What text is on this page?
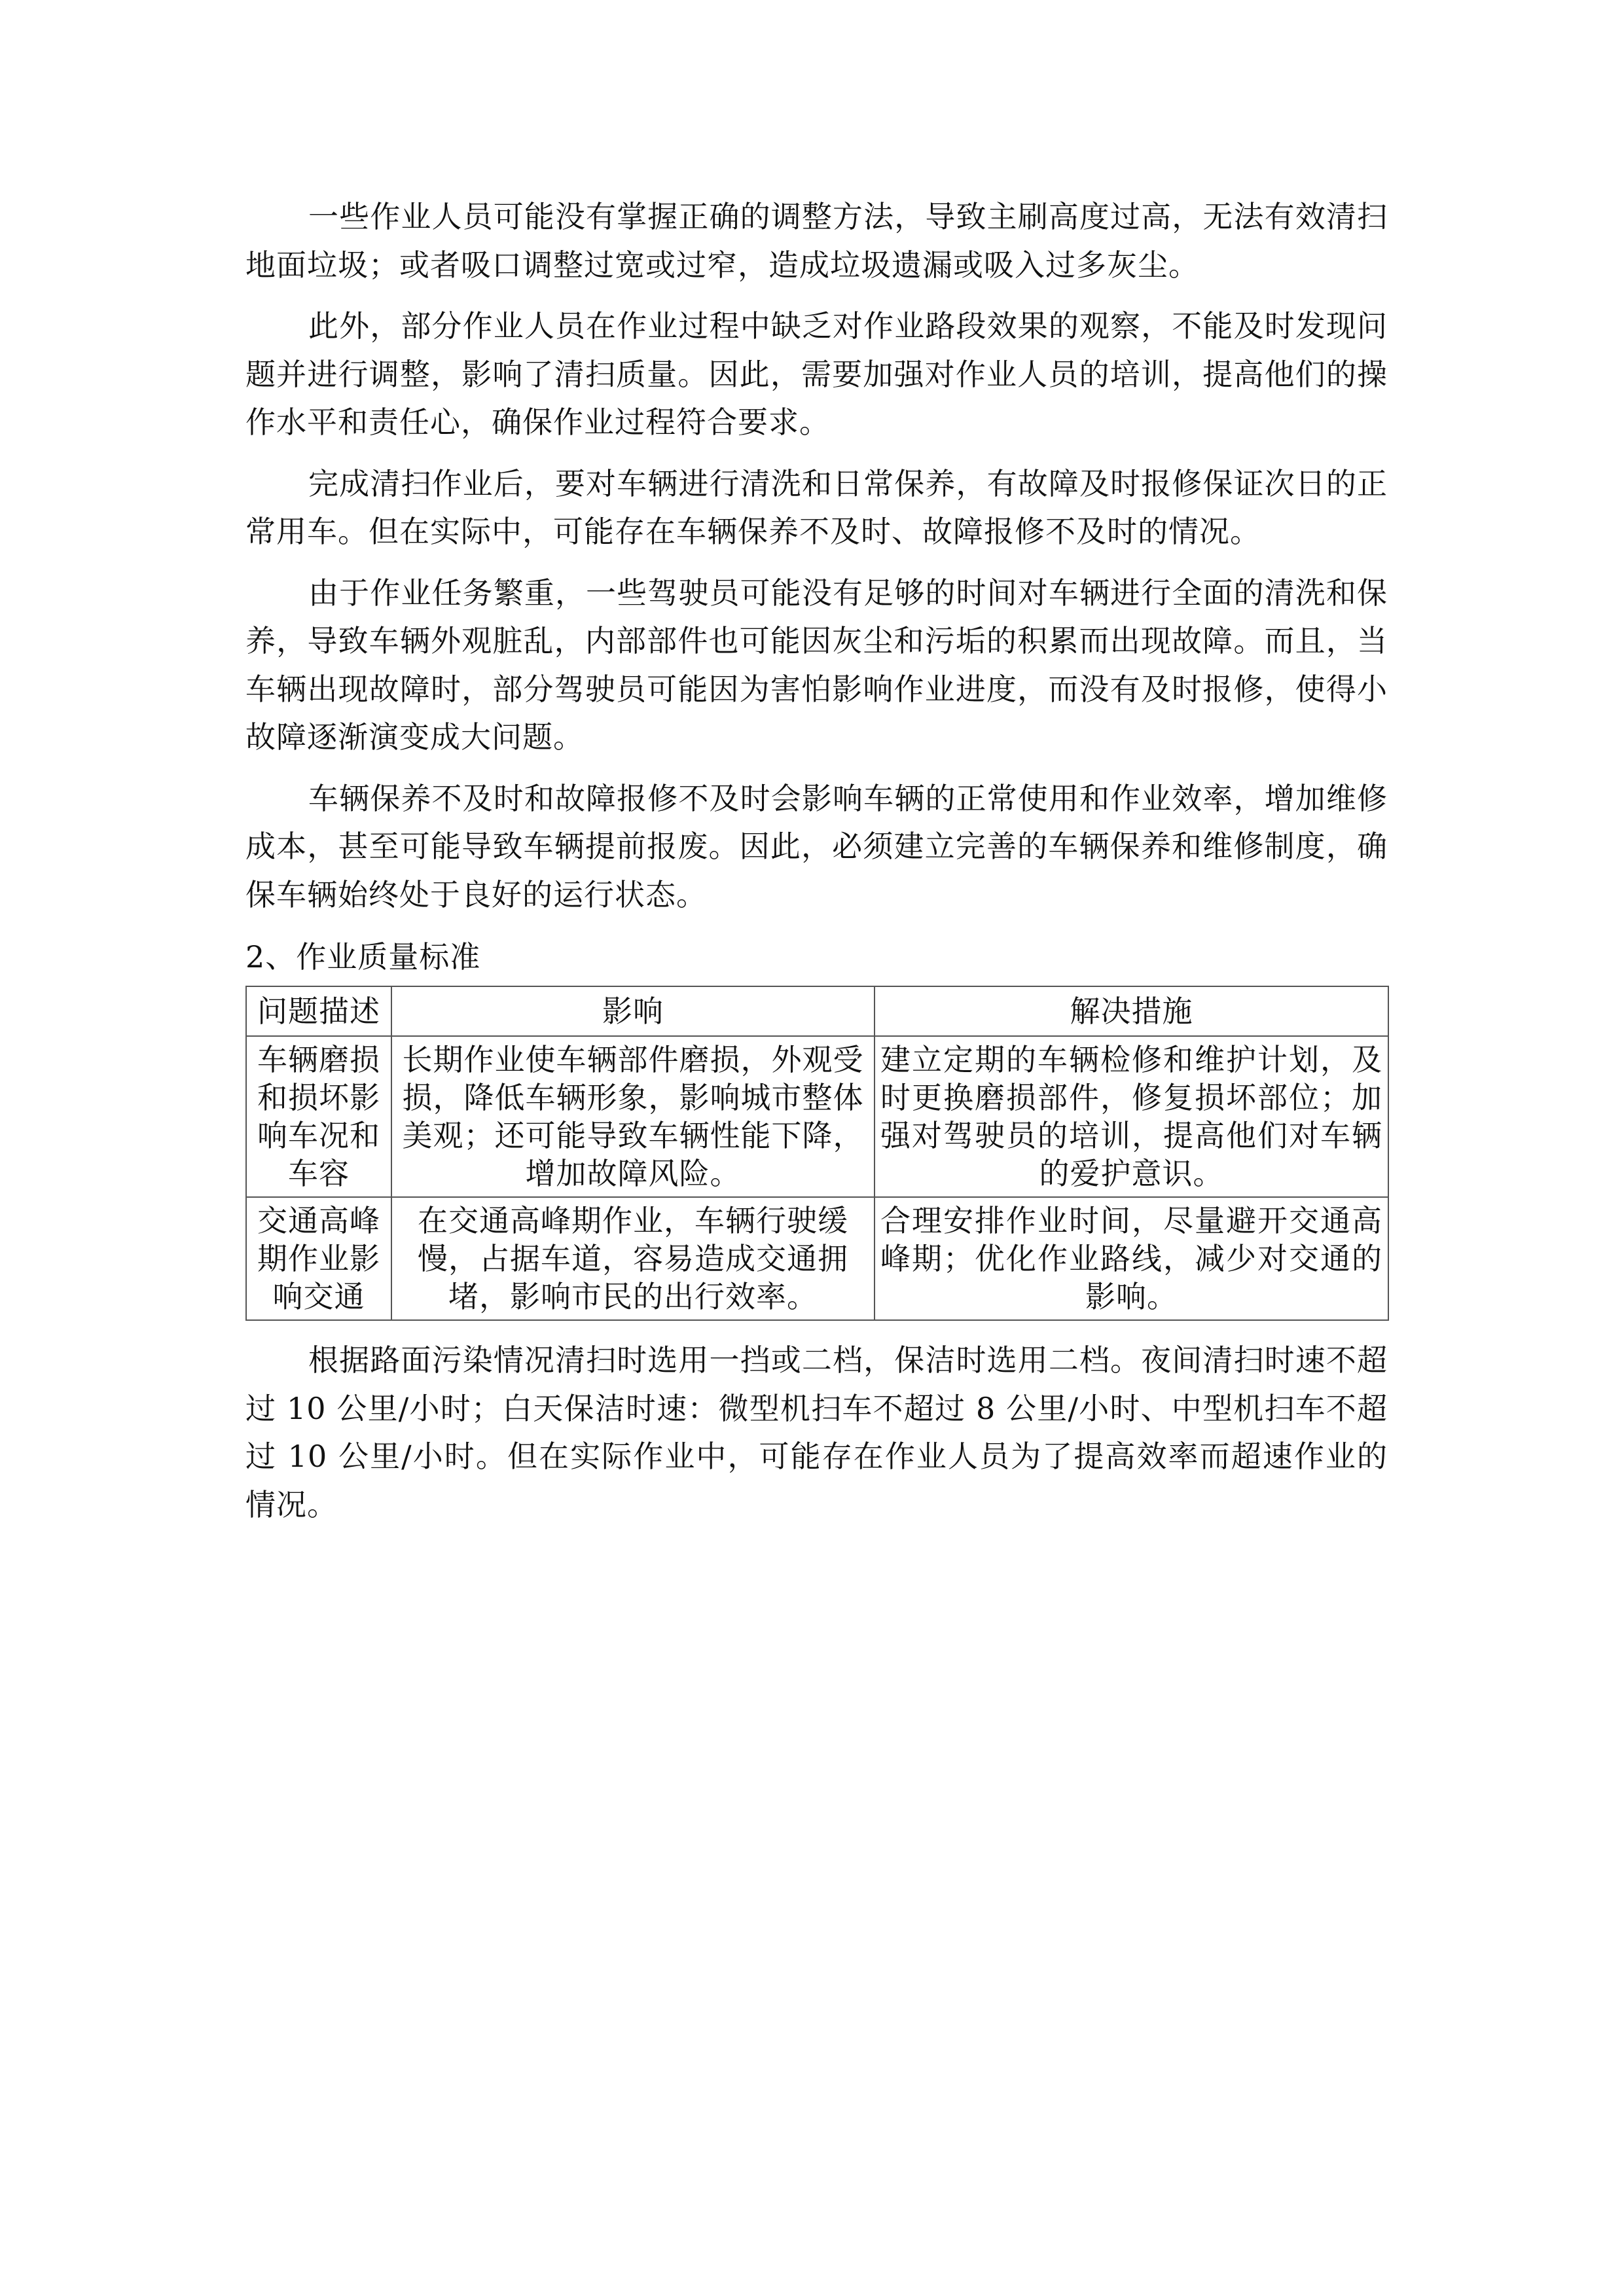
一些作业人员可能没有掌握正确的调整方法，导致主刷高度过高，无法有效清扫地面垃圾；或者吸口调整过宽或过窄，造成垃圾遗漏或吸入过多灰尘。

此外，部分作业人员在作业过程中缺乏对作业路段效果的观察，不能及时发现问题并进行调整，影响了清扫质量。因此，需要加强对作业人员的培训，提高他们的操作水平和责任心，确保作业过程符合要求。

完成清扫作业后，要对车辆进行清洗和日常保养，有故障及时报修保证次日的正常用车。但在实际中，可能存在车辆保养不及时、故障报修不及时的情况。

由于作业任务繁重，一些驾驶员可能没有足够的时间对车辆进行全面的清洗和保养，导致车辆外观脏乱，内部部件也可能因灰尘和污垢的积累而出现故障。而且，当车辆出现故障时，部分驾驶员可能因为害怕影响作业进度，而没有及时报修，使得小故障逐渐演变成大问题。

车辆保养不及时和故障报修不及时会影响车辆的正常使用和作业效率，增加维修成本，甚至可能导致车辆提前报废。因此，必须建立完善的车辆保养和维修制度，确保车辆始终处于良好的运行状态。

2、作业质量标准

问题描述	影响	解决措施
车辆磨损和损坏影响车况和车容	长期作业使车辆部件磨损，外观受损，降低车辆形象，影响城市整体美观；还可能导致车辆性能下降，增加故障风险。	建立定期的车辆检修和维护计划，及时更换磨损部件，修复损坏部位；加强对驾驶员的培训，提高他们对车辆的爱护意识。
交通高峰期作业影响交通	在交通高峰期作业，车辆行驶缓慢，占据车道，容易造成交通拥堵，影响市民的出行效率。	合理安排作业时间，尽量避开交通高峰期；优化作业路线，减少对交通的影响。

根据路面污染情况清扫时选用一挡或二档，保洁时选用二档。夜间清扫时速不超过 10 公里/小时；白天保洁时速：微型机扫车不超过 8 公里/小时、中型机扫车不超过 10 公里/小时。但在实际作业中，可能存在作业人员为了提高效率而超速作业的情况。
